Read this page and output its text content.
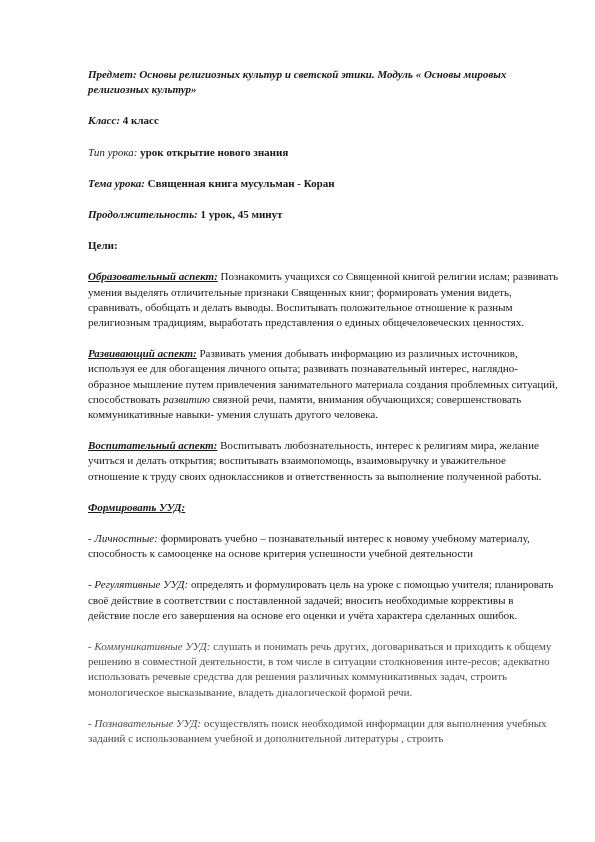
Предмет: Основы религиозных культур и светской этики. Модуль « Основы мировых религиозных культур»

Класс: 4 класс

Тип урока: урок открытие нового знания

Тема урока: Священная книга мусульман - Коран

Продолжительность: 1 урок, 45 минут

Цели:

Образовательный аспект: Познакомить учащихся со Священной книгой религии ислам; развивать умения выделять отличительные признаки Священных книг; формировать умения видеть, сравнивать, обобщать и делать выводы. Воспитывать положительное отношение к разным религиозным традициям, выработать представления о единых общечеловеческих ценностях.

Развивающий аспект: Развивать умения добывать информацию из различных источников, используя ее для обогащения личного опыта; развивать познавательный интерес, наглядно-образное мышление путем привлечения занимательного материала создания проблемных ситуаций, способствовать развитию связной речи, памяти, внимания обучающихся; совершенствовать коммуникативные навыки- умения слушать другого человека.

Воспитательный аспект: Воспитывать любознательность, интерес к религиям мира, желание учиться и делать открытия; воспитывать взаимопомощь, взаимовыручку и уважительное отношение к труду своих одноклассников и ответственность за выполнение полученной работы.

Формировать УУД:

- Личностные: формировать учебно – познавательный интерес к новому учебному материалу, способность к самооценке на основе критерия успешности учебной деятельности

- Регулятивные УУД: определять и формулировать цель на уроке с помощью учителя; планировать своё действие в соответствии с поставленной задачей; вносить необходимые коррективы в действие после его завершения на основе его оценки и учёта характера сделанных ошибок.

- Коммуникативные УУД: слушать и понимать речь других, договариваться и приходить к общему решению в совместной деятельности, в том числе в ситуации столкновения инте-ресов; адекватно использовать речевые средства для решения различных коммуникативных задач, строить монологическое высказывание, владеть диалогической формой речи.

- Познавательные УУД: осуществлять поиск необходимой информации для выполнения учебных заданий с использованием учебной и дополнительной литературы , строить
